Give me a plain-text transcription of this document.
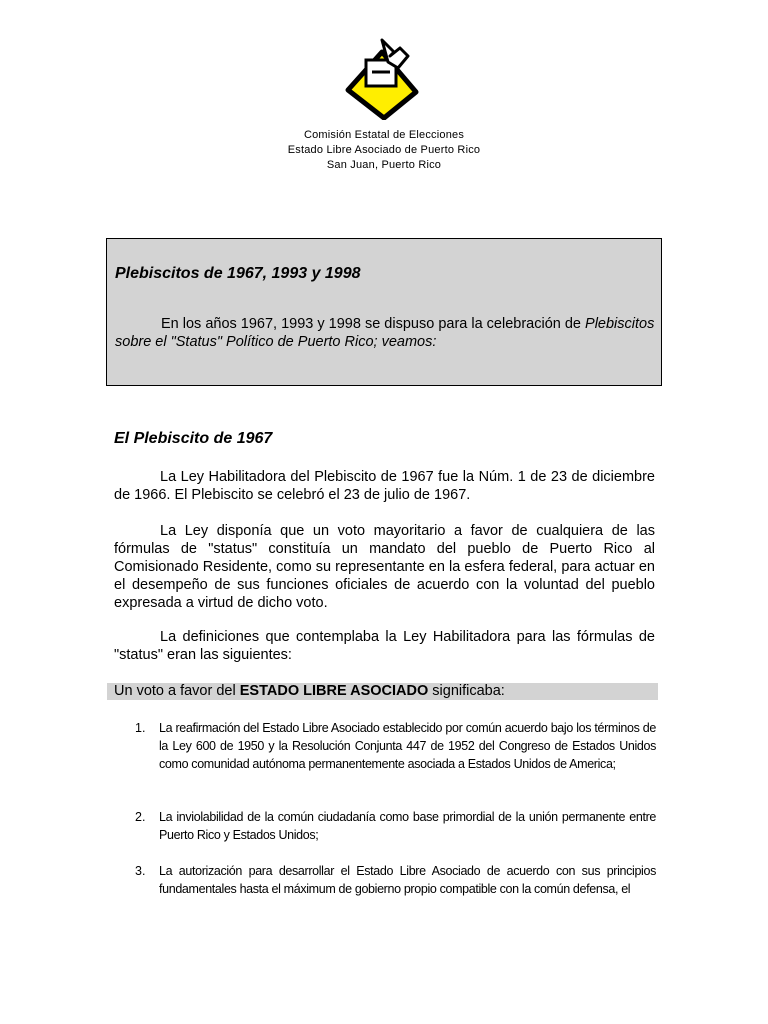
Comisión Estatal de Elecciones
Estado Libre Asociado de Puerto Rico
San Juan, Puerto Rico
Plebiscitos de 1967, 1993 y 1998

En los años 1967, 1993 y 1998 se dispuso para la celebración de Plebiscitos sobre el "Status" Político de Puerto Rico; veamos:

El Plebiscito de 1967

La Ley Habilitadora del Plebiscito de 1967 fue la Núm. 1 de 23 de diciembre de 1966. El Plebiscito se celebró el 23 de julio de 1967.

La Ley disponía que un voto mayoritario a favor de cualquiera de las fórmulas de "status" constituía un mandato del pueblo de Puerto Rico al Comisionado Residente, como su representante en la esfera federal, para actuar en el desempeño de sus funciones oficiales de acuerdo con la voluntad del pueblo expresada a virtud de dicho voto.

La definiciones que contemplaba la Ley Habilitadora para las fórmulas de "status" eran las siguientes:

Un voto a favor del ESTADO LIBRE ASOCIADO significaba:
1. La reafirmación del Estado Libre Asociado establecido por común acuerdo bajo los términos de la Ley 600 de 1950 y la Resolución Conjunta 447 de 1952 del Congreso de Estados Unidos como comunidad autónoma permanentemente asociada a Estados Unidos de America;

2. La inviolabilidad de la común ciudadanía como base primordial de la unión permanente entre Puerto Rico y Estados Unidos;

3. La autorización para desarrollar el Estado Libre Asociado de acuerdo con sus principios fundamentales hasta el máximum de gobierno propio compatible con la común defensa, el
